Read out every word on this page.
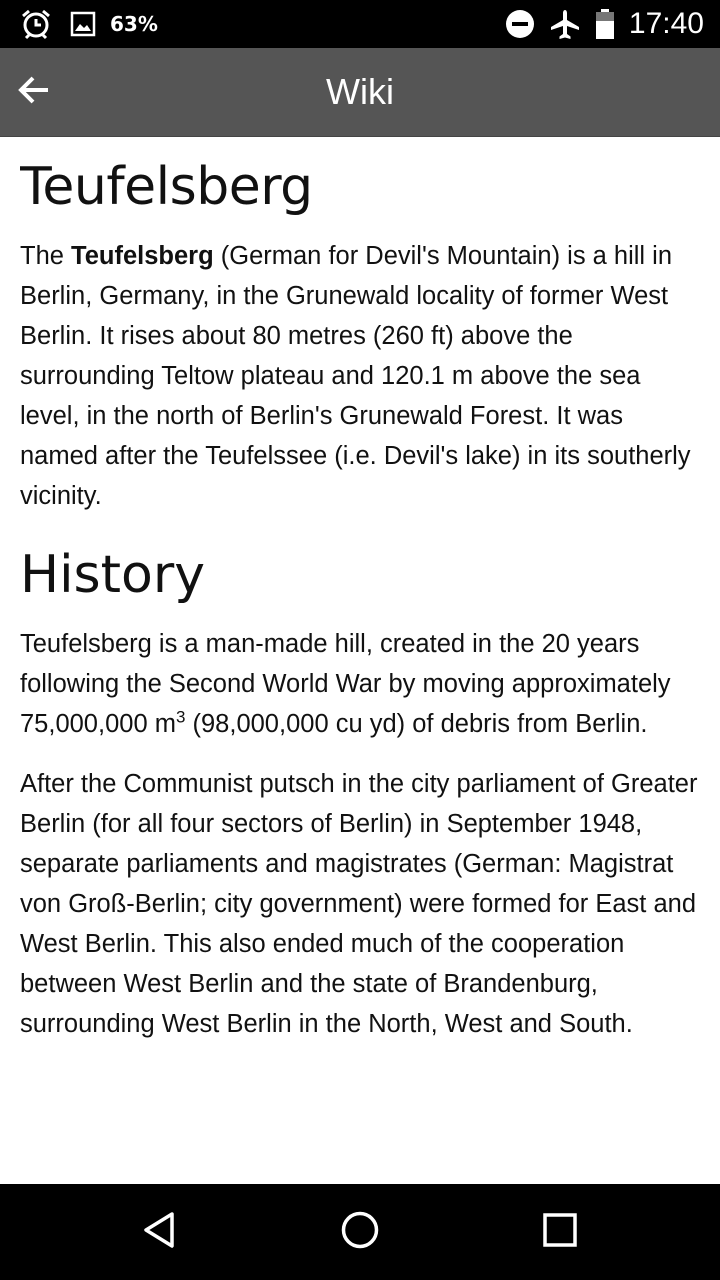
63%	17:40
Wiki
Teufelsberg

The Teufelsberg (German for Devil's Mountain) is a hill in Berlin, Germany, in the Grunewald locality of former West Berlin. It rises about 80 metres (260 ft) above the surrounding Teltow plateau and 120.1 m above the sea level, in the north of Berlin's Grunewald Forest. It was named after the Teufelssee (i.e. Devil's lake) in its southerly vicinity.

History

Teufelsberg is a man-made hill, created in the 20 years following the Second World War by moving approximately 75,000,000 $m^3$ (98,000,000 cu yd) of debris from Berlin.

After the Communist putsch in the city parliament of Greater Berlin (for all four sectors of Berlin) in September 1948, separate parliaments and magistrates (German: Magistrat von Groß-Berlin; city government) were formed for East and West Berlin. This also ended much of the cooperation between West Berlin and the state of Brandenburg, surrounding West Berlin in the North, West and South.
